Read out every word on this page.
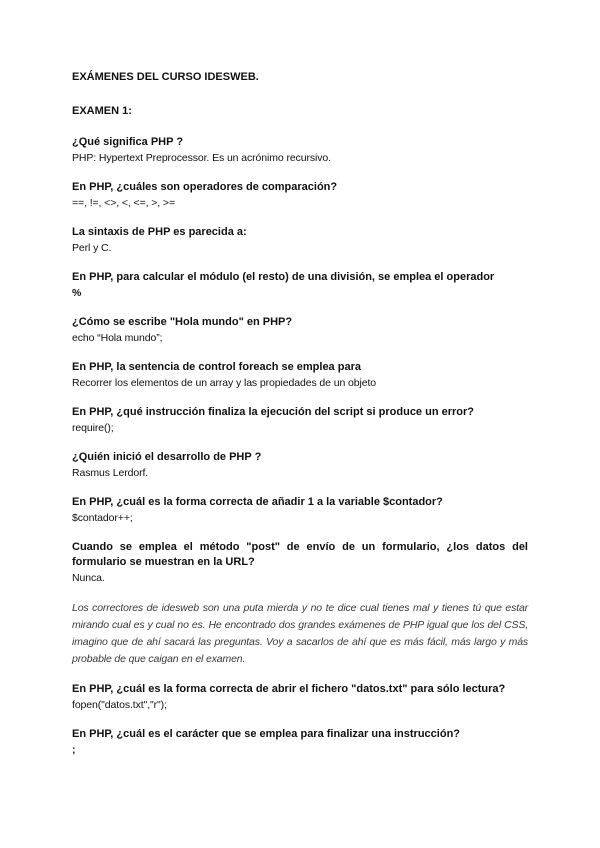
EXÁMENES DEL CURSO IDESWEB.
EXAMEN 1:
¿Qué significa PHP ?
PHP: Hypertext Preprocessor. Es un acrónimo recursivo.
En PHP, ¿cuáles son operadores de comparación?
==, !=, <>, <, <=, >, >=
La sintaxis de PHP es parecida a:
Perl y C.
En PHP, para calcular el módulo (el resto) de una división, se emplea el operador
%
¿Cómo se escribe "Hola mundo" en PHP?
echo “Hola mundo”;
En PHP, la sentencia de control foreach se emplea para
Recorrer los elementos de un array y las propiedades de un objeto
En PHP, ¿qué instrucción finaliza la ejecución del script si produce un error?
require();
¿Quién inició el desarrollo de PHP ?
Rasmus Lerdorf.
En PHP, ¿cuál es la forma correcta de añadir 1 a la variable $contador?
$contador++;
Cuando se emplea el método "post" de envío de un formulario, ¿los datos del formulario se muestran en la URL?
Nunca.
Los correctores de idesweb son una puta mierda y no te dice cual tienes mal y tienes tú que estar mirando cual es y cual no es. He encontrado dos grandes exámenes de PHP igual que los del CSS, imagino que de ahí sacará las preguntas. Voy a sacarlos de ahí que es más fácil, más largo y más probable de que caigan en el examen.
En PHP, ¿cuál es la forma correcta de abrir el fichero "datos.txt" para sólo lectura?
fopen("datos.txt","r");
En PHP, ¿cuál es el carácter que se emplea para finalizar una instrucción?
;
